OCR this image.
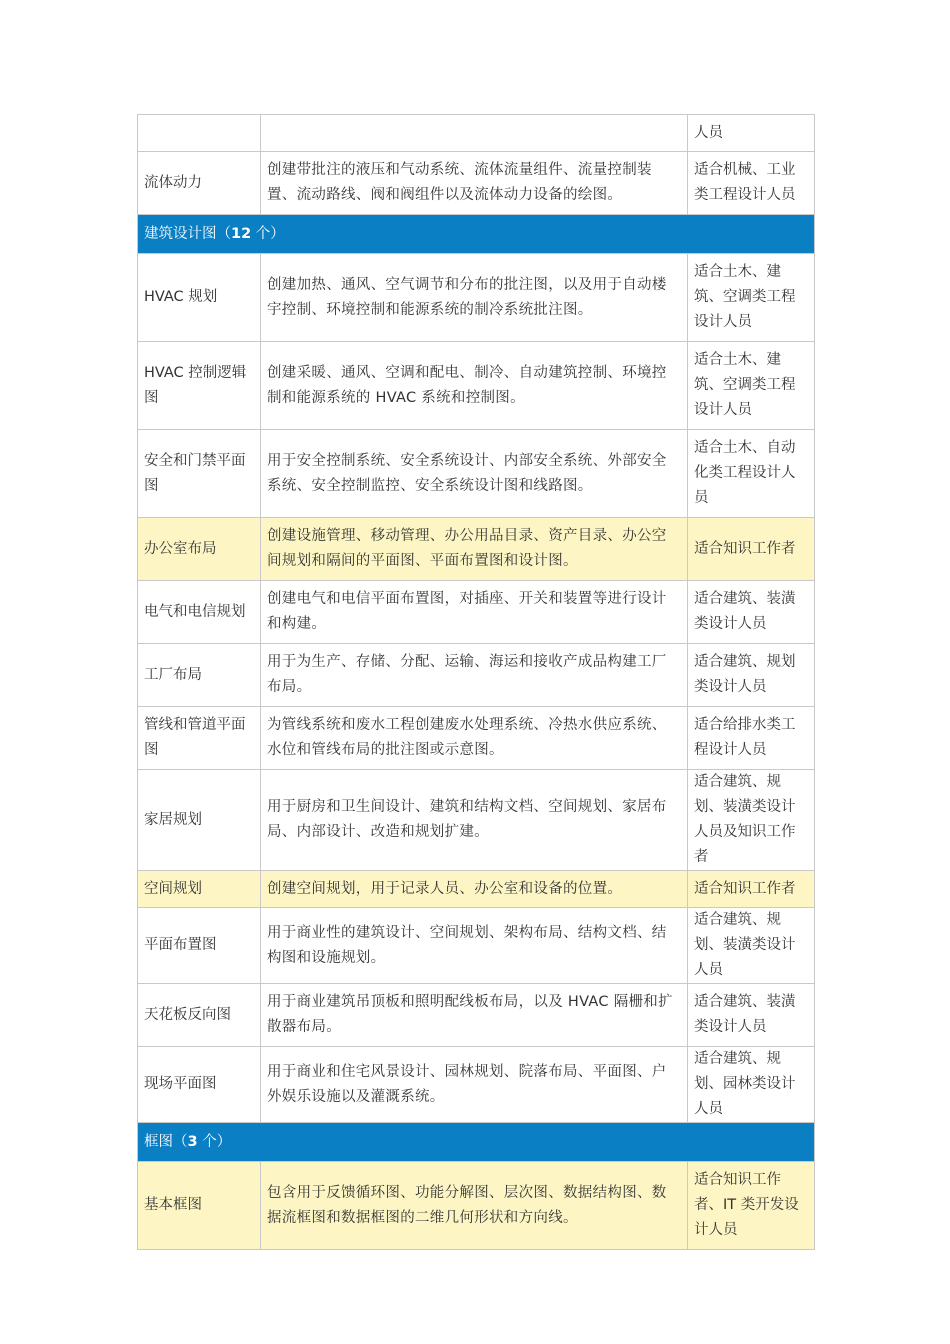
		人员
流体动力	创建带批注的液压和气动系统、流体流量组件、流量控制装置、流动路线、阀和阀组件以及流体动力设备的绘图。	适合机械、工业类工程设计人员
建筑设计图（12 个）		
HVAC 规划	创建加热、通风、空气调节和分布的批注图，以及用于自动楼宇控制、环境控制和能源系统的制冷系统批注图。	适合土木、建筑、空调类工程设计人员
HVAC 控制逻辑图	创建采暖、通风、空调和配电、制冷、自动建筑控制、环境控制和能源系统的 HVAC 系统和控制图。	适合土木、建筑、空调类工程设计人员
安全和门禁平面图	用于安全控制系统、安全系统设计、内部安全系统、外部安全系统、安全控制监控、安全系统设计图和线路图。	适合土木、自动化类工程设计人员
办公室布局	创建设施管理、移动管理、办公用品目录、资产目录、办公空间规划和隔间的平面图、平面布置图和设计图。	适合知识工作者
电气和电信规划	创建电气和电信平面布置图，对插座、开关和装置等进行设计和构建。	适合建筑、装潢类设计人员
工厂布局	用于为生产、存储、分配、运输、海运和接收产成品构建工厂布局。	适合建筑、规划类设计人员
管线和管道平面图	为管线系统和废水工程创建废水处理系统、冷热水供应系统、水位和管线布局的批注图或示意图。	适合给排水类工程设计人员
家居规划	用于厨房和卫生间设计、建筑和结构文档、空间规划、家居布局、内部设计、改造和规划扩建。	适合建筑、规划、装潢类设计人员及知识工作者
空间规划	创建空间规划，用于记录人员、办公室和设备的位置。	适合知识工作者
平面布置图	用于商业性的建筑设计、空间规划、架构布局、结构文档、结构图和设施规划。	适合建筑、规划、装潢类设计人员
天花板反向图	用于商业建筑吊顶板和照明配线板布局，以及 HVAC 隔栅和扩散器布局。	适合建筑、装潢类设计人员
现场平面图	用于商业和住宅风景设计、园林规划、院落布局、平面图、户外娱乐设施以及灌溉系统。	适合建筑、规划、园林类设计人员
框图（3 个）		
基本框图	包含用于反馈循环图、功能分解图、层次图、数据结构图、数据流框图和数据框图的二维几何形状和方向线。	适合知识工作者、IT 类开发设计人员
